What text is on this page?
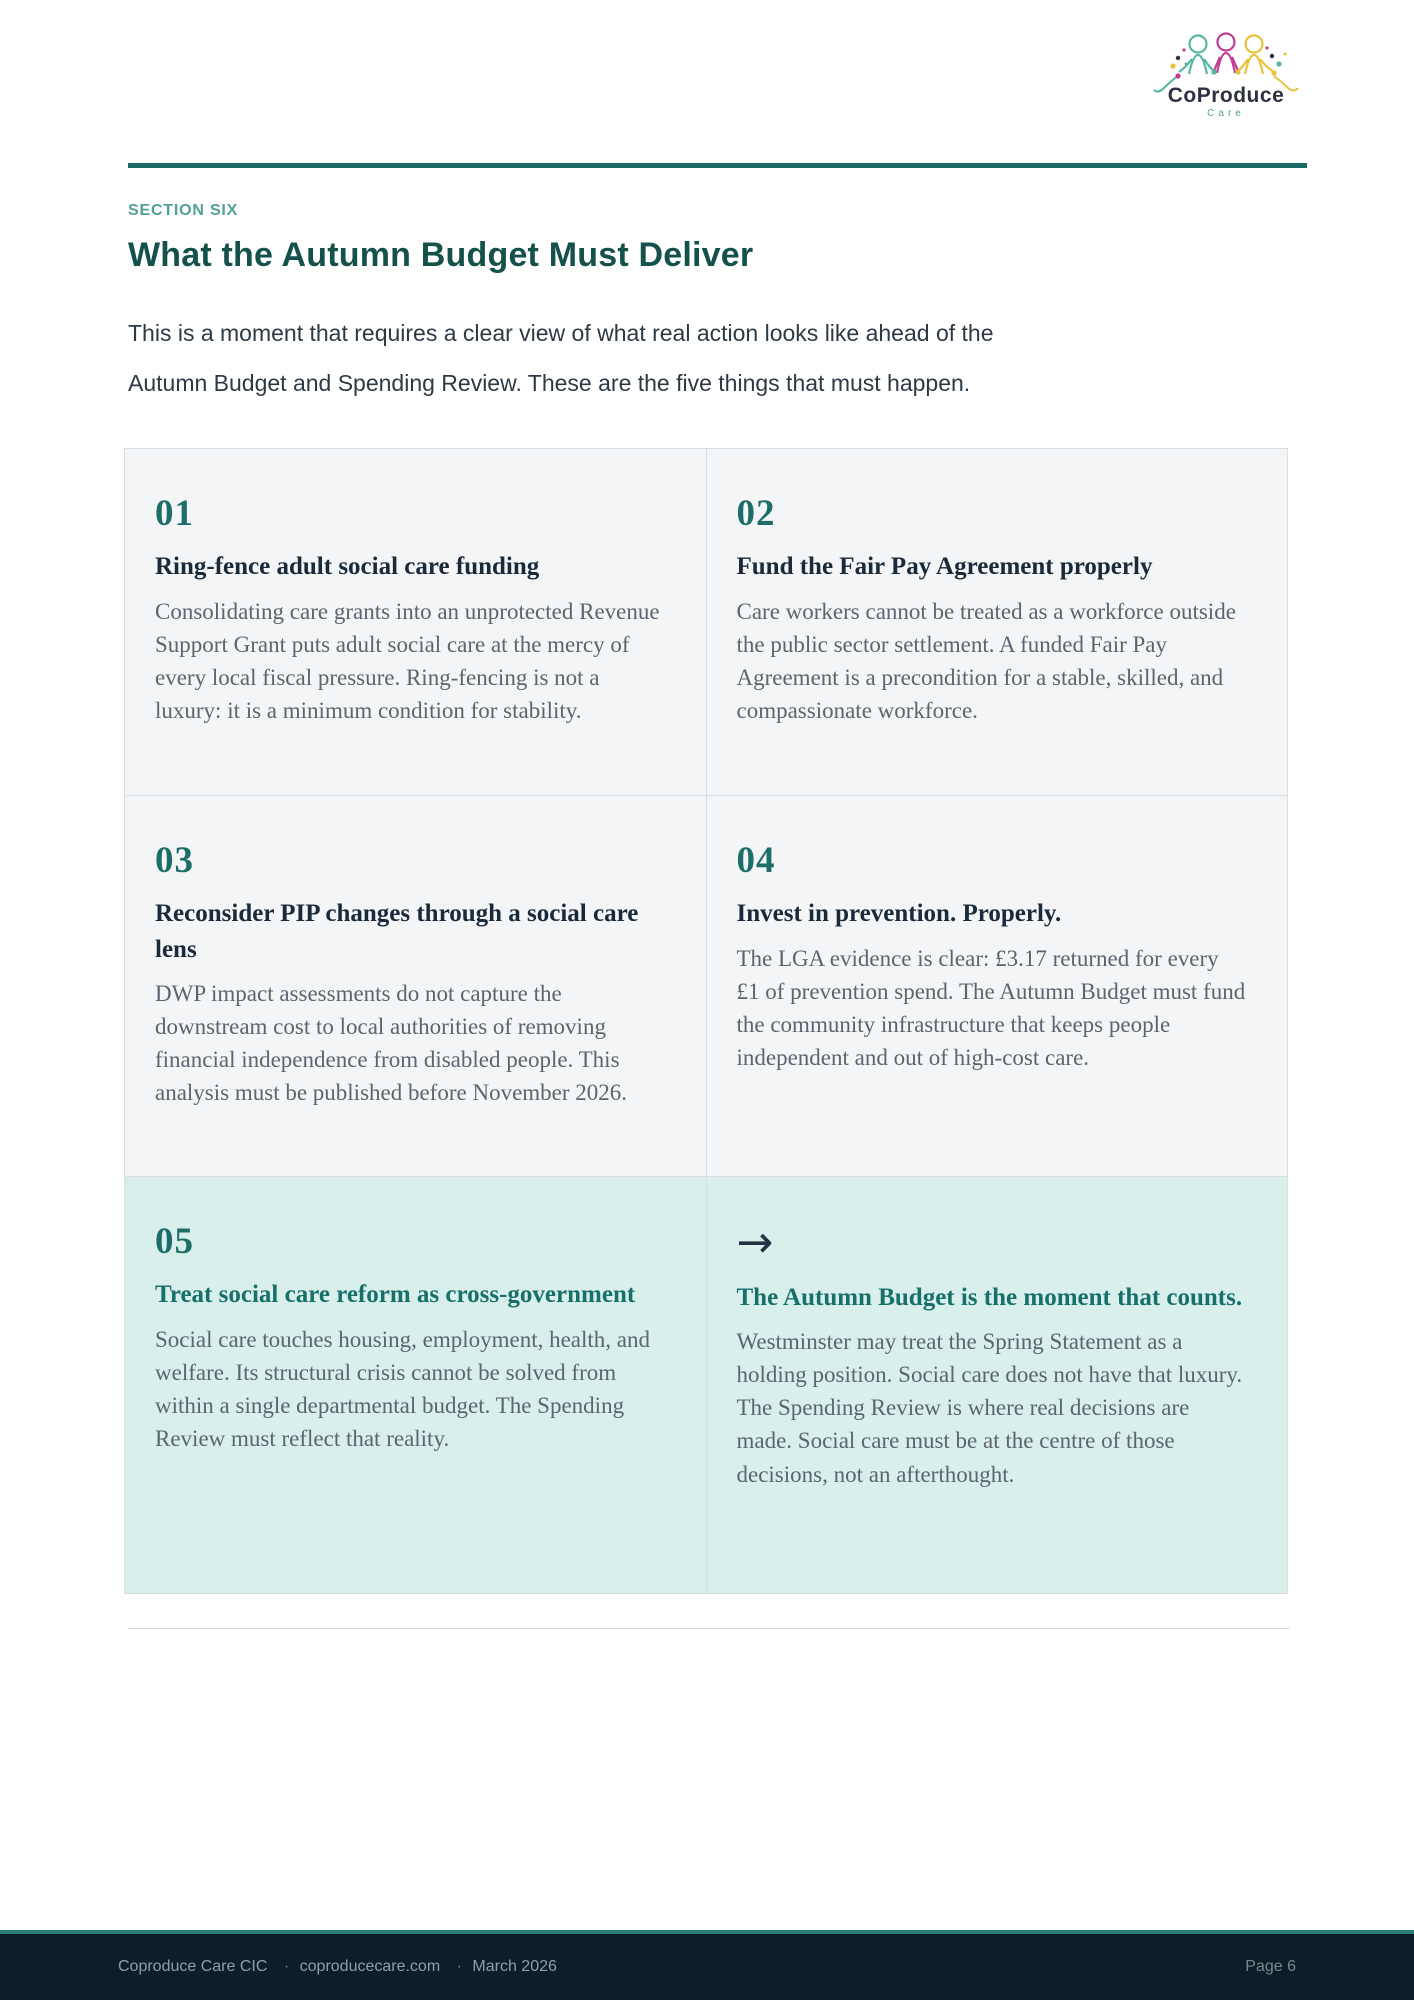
CoProduce
Care
SECTION SIX
What the Autumn Budget Must Deliver

This is a moment that requires a clear view of what real action looks like ahead of the Autumn Budget and Spending Review. These are the five things that must happen.

01
Ring-fence adult social care funding
Consolidating care grants into an unprotected Revenue Support Grant puts adult social care at the mercy of every local fiscal pressure. Ring-fencing is not a luxury: it is a minimum condition for stability.
02
Fund the Fair Pay Agreement properly
Care workers cannot be treated as a workforce outside the public sector settlement. A funded Fair Pay Agreement is a precondition for a stable, skilled, and compassionate workforce.
03
Reconsider PIP changes through a social care lens
DWP impact assessments do not capture the downstream cost to local authorities of removing financial independence from disabled people. This analysis must be published before November 2026.
04
Invest in prevention. Properly.
The LGA evidence is clear: £3.17 returned for every £1 of prevention spend. The Autumn Budget must fund the community infrastructure that keeps people independent and out of high-cost care.
05
Treat social care reform as cross-government
Social care touches housing, employment, health, and welfare. Its structural crisis cannot be solved from within a single departmental budget. The Spending Review must reflect that reality.
→
The Autumn Budget is the moment that counts.
Westminster may treat the Spring Statement as a holding position. Social care does not have that luxury. The Spending Review is where real decisions are made. Social care must be at the centre of those decisions, not an afterthought.
Coproduce Care CIC · coproducecare.com · March 2026	Page 6
